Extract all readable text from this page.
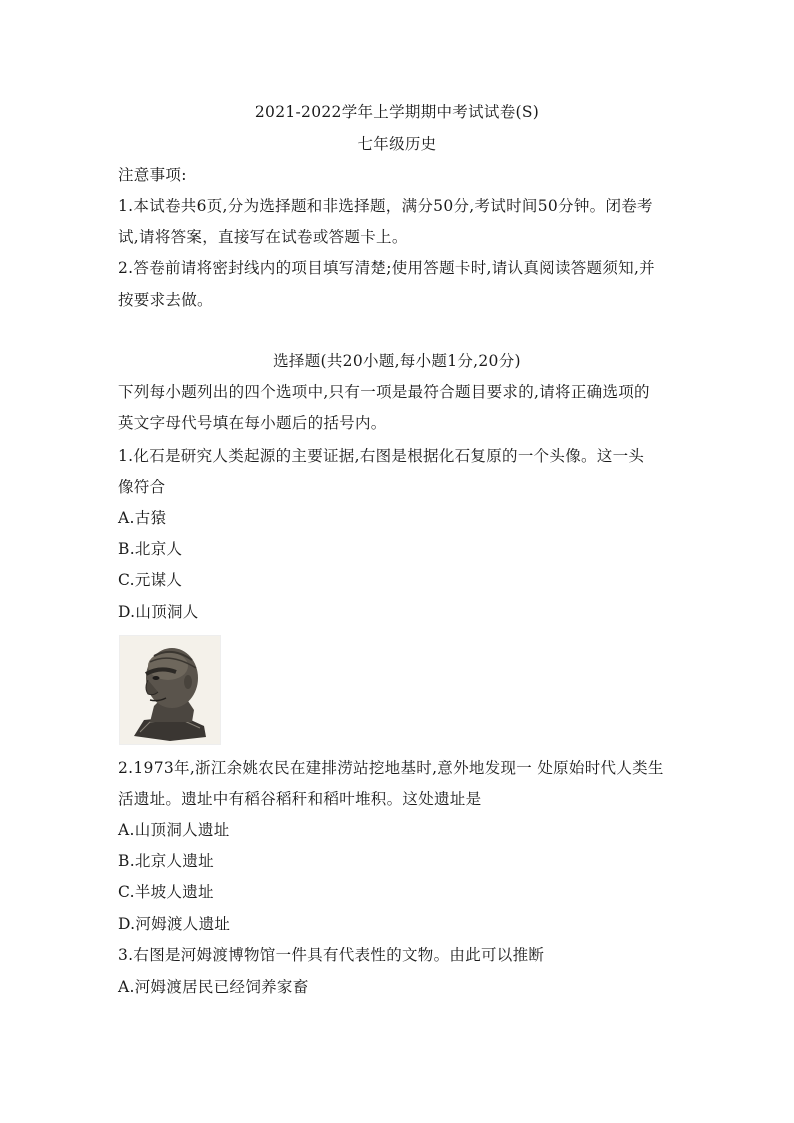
2021-2022学年上学期期中考试试卷(S)
七年级历史
注意事项:
1.本试卷共6页,分为选择题和非选择题，满分50分,考试时间50分钟。闭卷考
试,请将答案，直接写在试卷或答题卡上。
2.答卷前请将密封线内的项目填写清楚;使用答题卡时,请认真阅读答题须知,并
按要求去做。
选择题(共20小题,每小题1分,20分)
下列每小题列出的四个选项中,只有一项是最符合题目要求的,请将正确选项的
英文字母代号填在每小题后的括号内。
1.化石是研究人类起源的主要证据,右图是根据化石复原的一个头像。这一头
像符合
A.古猿
B.北京人
C.元谋人
D.山顶洞人
2.1973年,浙江余姚农民在建排涝站挖地基时,意外地发现一 处原始时代人类生
活遗址。遗址中有稻谷稻秆和稻叶堆积。这处遗址是
A.山顶洞人遗址
B.北京人遗址
C.半坡人遗址
D.河姆渡人遗址
3.右图是河姆渡博物馆一件具有代表性的文物。由此可以推断
A.河姆渡居民已经饲养家畜
